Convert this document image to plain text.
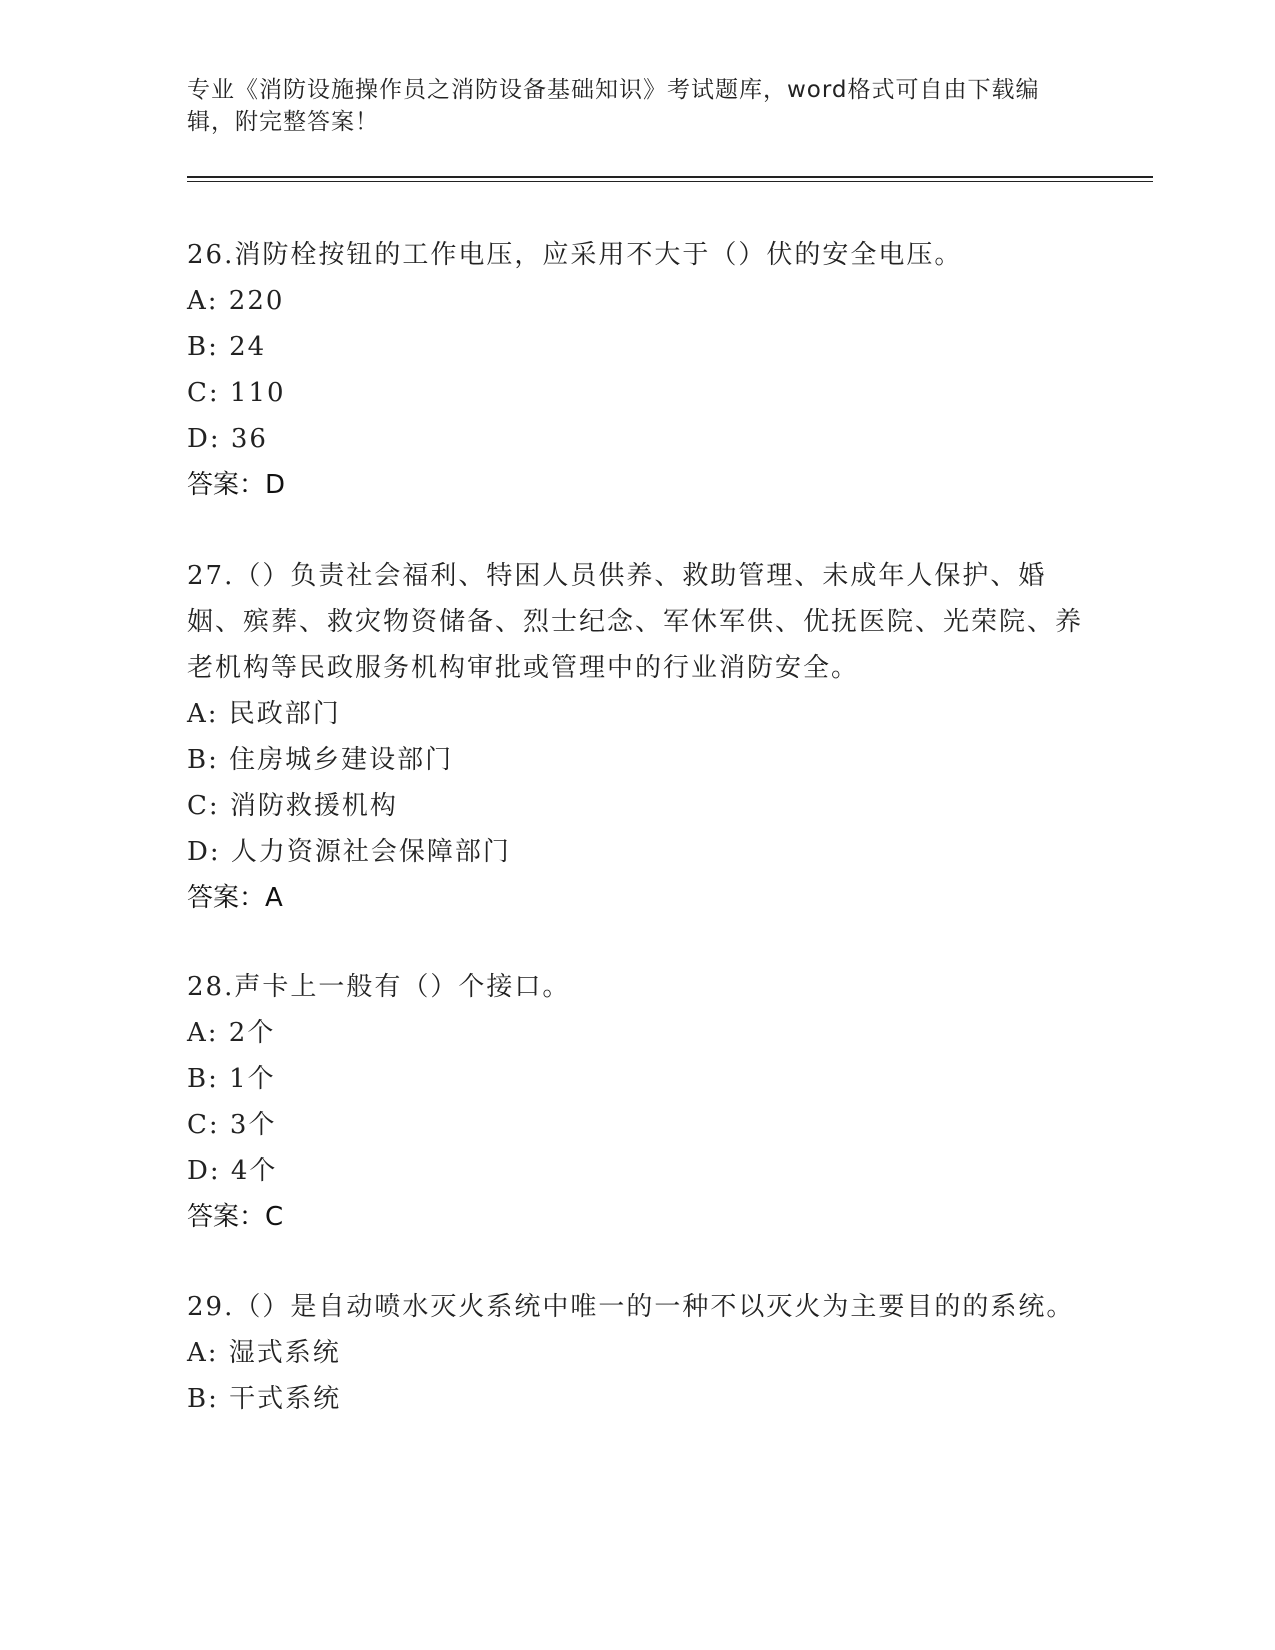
专业《消防设施操作员之消防设备基础知识》考试题库，word格式可自由下载编辑，附完整答案！

26.消防栓按钮的工作电压，应采用不大于（）伏的安全电压。

A: 220

B: 24

C: 110

D: 36

答案：D

27.（）负责社会福利、特困人员供养、救助管理、未成年人保护、婚姻、殡葬、救灾物资储备、烈士纪念、军休军供、优抚医院、光荣院、养老机构等民政服务机构审批或管理中的行业消防安全。

A: 民政部门

B: 住房城乡建设部门

C: 消防救援机构

D: 人力资源社会保障部门

答案：A

28.声卡上一般有（）个接口。

A: 2个

B: 1个

C: 3个

D: 4个

答案：C

29.（）是自动喷水灭火系统中唯一的一种不以灭火为主要目的的系统。

A: 湿式系统

B: 干式系统
